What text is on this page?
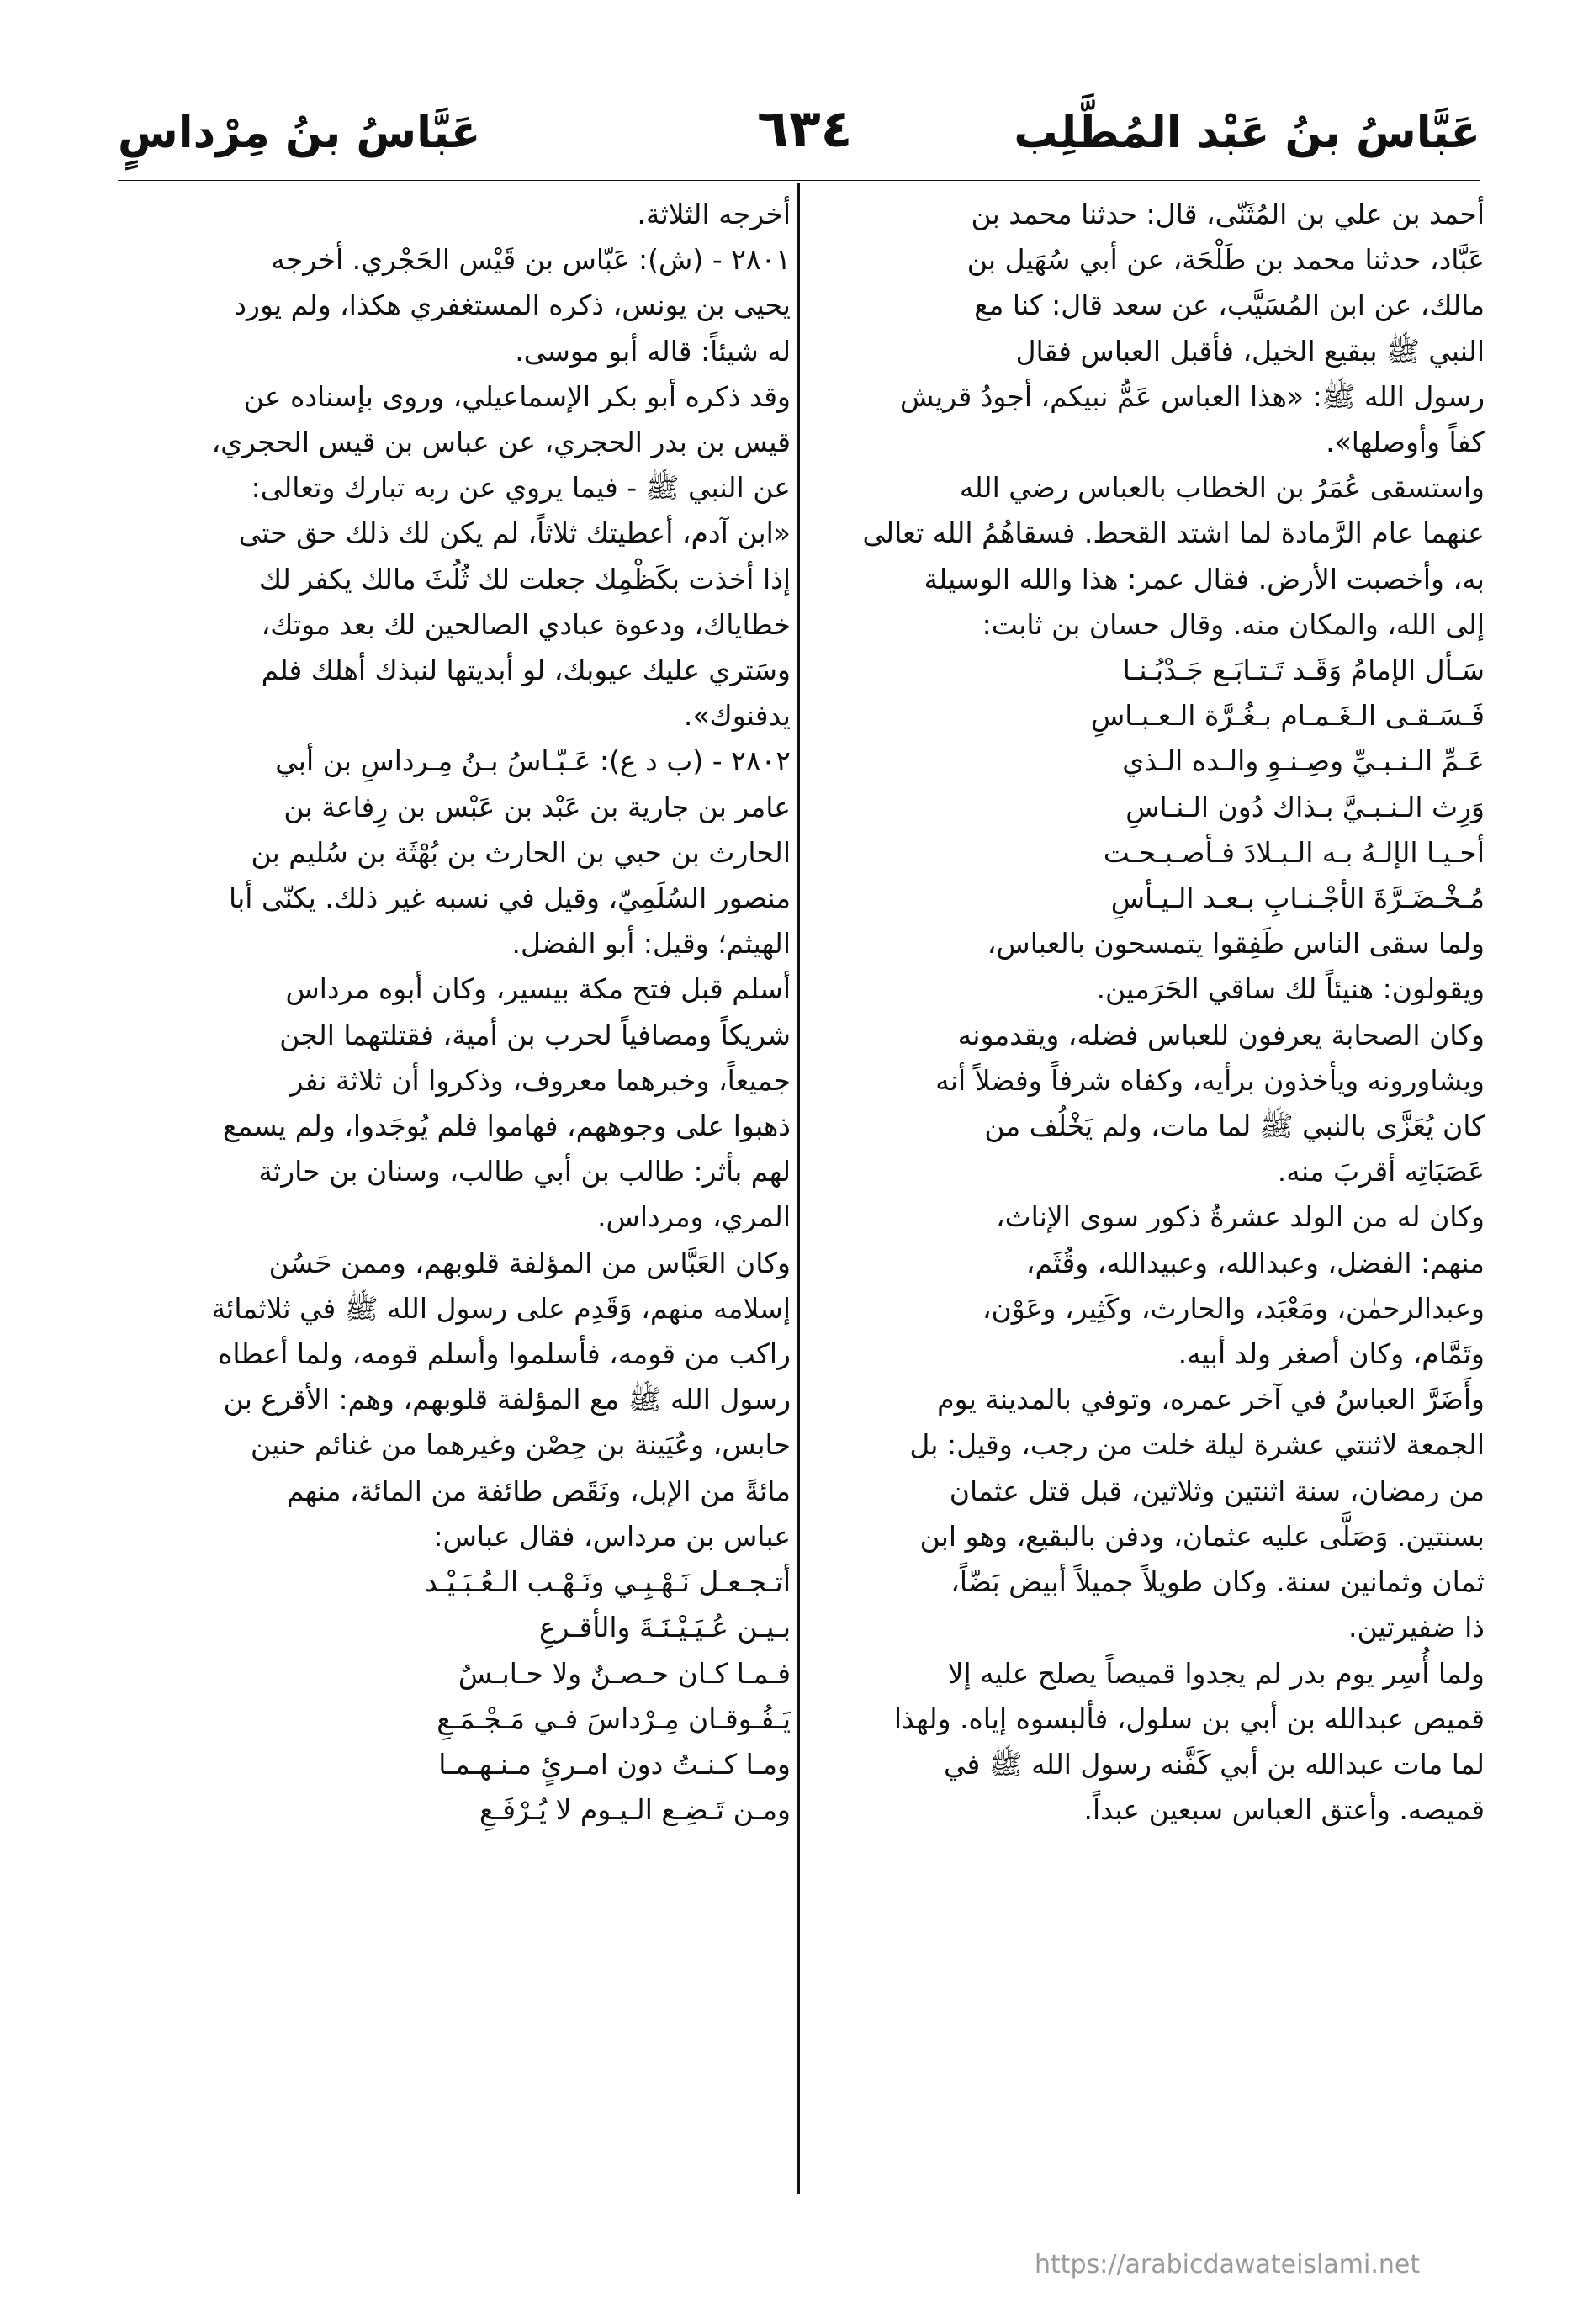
عَبَّاسُ بنُ عَبْد المُطَّلِب
٦٣٤
عَبَّاسُ بنُ مِرْداسٍ

أحمد بن علي بن المُثَنّى، قال: حدثنا محمد بن
عَبَّاد، حدثنا محمد بن طَلْحَة، عن أبي سُهَيل بن
مالك، عن ابن المُسَيَّب، عن سعد قال: كنا مع
النبي ﷺ ببقيع الخيل، فأقبل العباس فقال
رسول الله ﷺ: «هذا العباس عَمُّ نبيكم، أجودُ قريش
كفاً وأوصلها».

واستسقى عُمَرُ بن الخطاب بالعباس رضي الله
عنهما عام الرَّمادة لما اشتد القحط. فسقاهُمُ الله تعالى
به، وأخصبت الأرض. فقال عمر: هذا والله الوسيلة
إلى الله، والمكان منه. وقال حسان بن ثابت:

سَـأل الإمامُ وَقَـد تَـتـابَـع جَـدْبُـنـا
فَـسَـقـى الـغَـمـام بـغُـرَّة الـعـبـاسِ
عَـمِّ الـنـبـيِّ وصِـنـوِ والـده الـذي
وَرِث الـنـبـيَّ بـذاك دُون الـنـاسِ
أحـيـا الإلـهُ بـه الـبـلادَ فـأصـبـحـت
مُـخْـضَـرَّةَ الأجْـنـابِ بـعـد الـيـأسِ

ولما سقى الناس طَفِقوا يتمسحون بالعباس،
ويقولون: هنيئاً لك ساقي الحَرَمين.

وكان الصحابة يعرفون للعباس فضله، ويقدمونه
ويشاورونه ويأخذون برأيه، وكفاه شرفاً وفضلاً أنه
كان يُعَزَّى بالنبي ﷺ لما مات، ولم يَخْلُف من
عَصَبَاتِه أقربَ منه.

وكان له من الولد عشرةُ ذكور سوى الإناث،
منهم: الفضل، وعبدالله، وعبيدالله، وقُثَم،
وعبدالرحمٰن، ومَعْبَد، والحارث، وكَثِير، وعَوْن،
وتَمَّام، وكان أصغر ولد أبيه.

وأَضَرَّ العباسُ في آخر عمره، وتوفي بالمدينة يوم
الجمعة لاثنتي عشرة ليلة خلت من رجب، وقيل: بل
من رمضان، سنة اثنتين وثلاثين، قبل قتل عثمان
بسنتين. وَصَلَّى عليه عثمان، ودفن بالبقيع، وهو ابن
ثمان وثمانين سنة. وكان طويلاً جميلاً أبيض بَضّاً،
ذا ضفيرتين.

ولما أُسِر يوم بدر لم يجدوا قميصاً يصلح عليه إلا
قميص عبدالله بن أبي بن سلول، فألبسوه إياه. ولهذا
لما مات عبدالله بن أبي كَفَّنه رسول الله ﷺ في
قميصه. وأعتق العباس سبعين عبداً.

أخرجه الثلاثة.

٢٨٠١ - (ش): عَبّاس بن قَيْس الحَجْري. أخرجه
يحيى بن يونس، ذكره المستغفري هكذا، ولم يورد
له شيئاً: قاله أبو موسى.

وقد ذكره أبو بكر الإسماعيلي، وروى بإسناده عن
قيس بن بدر الحجري، عن عباس بن قيس الحجري،
عن النبي ﷺ - فيما يروي عن ربه تبارك وتعالى:
«ابن آدم، أعطيتك ثلاثاً، لم يكن لك ذلك حق حتى
إذا أخذت بكَظْمِك جعلت لك ثُلُثَ مالك يكفر لك
خطاياك، ودعوة عبادي الصالحين لك بعد موتك،
وسَتري عليك عيوبك، لو أبديتها لنبذك أهلك فلم
يدفنوك».

٢٨٠٢ - (ب د ع): عَـبّـاسُ بـنُ مِـرداسِ بن أبي
عامر بن جارية بن عَبْد بن عَبْس بن رِفاعة بن
الحارث بن حبي بن الحارث بن بُهْثَة بن سُليم بن
منصور السُلَمِيّ، وقيل في نسبه غير ذلك. يكنّى أبا
الهيثم؛ وقيل: أبو الفضل.

أسلم قبل فتح مكة بيسير، وكان أبوه مرداس
شريكاً ومصافياً لحرب بن أمية، فقتلتهما الجن
جميعاً، وخبرهما معروف، وذكروا أن ثلاثة نفر
ذهبوا على وجوههم، فهاموا فلم يُوجَدوا، ولم يسمع
لهم بأثر: طالب بن أبي طالب، وسنان بن حارثة
المري، ومرداس.

وكان العَبَّاس من المؤلفة قلوبهم، وممن حَسُن
إسلامه منهم، وَقَدِم على رسول الله ﷺ في ثلاثمائة
راكب من قومه، فأسلموا وأسلم قومه، ولما أعطاه
رسول الله ﷺ مع المؤلفة قلوبهم، وهم: الأقرع بن
حابس، وعُيَينة بن حِصْن وغيرهما من غنائم حنين
مائةً من الإبل، ونَقَص طائفة من المائة، منهم
عباس بن مرداس، فقال عباس:

أتـجـعـل نَـهْـبِـي ونَـهْـب الـعُـبَـيْـد
بـيـن عُـيَـيْـنَـةَ والأقـرعِ
فـمـا كـان حـصـنٌ ولا حـابـسٌ
يَـفُـوقـان مِـرْداسَ فـي مَـجْـمَـعِ
ومـا كـنـتُ دون امـرئٍ مـنـهـمـا
ومـن تَـضِـع الـيـوم لا يُـرْفَـعِ

https://arabicdawateislami.net
